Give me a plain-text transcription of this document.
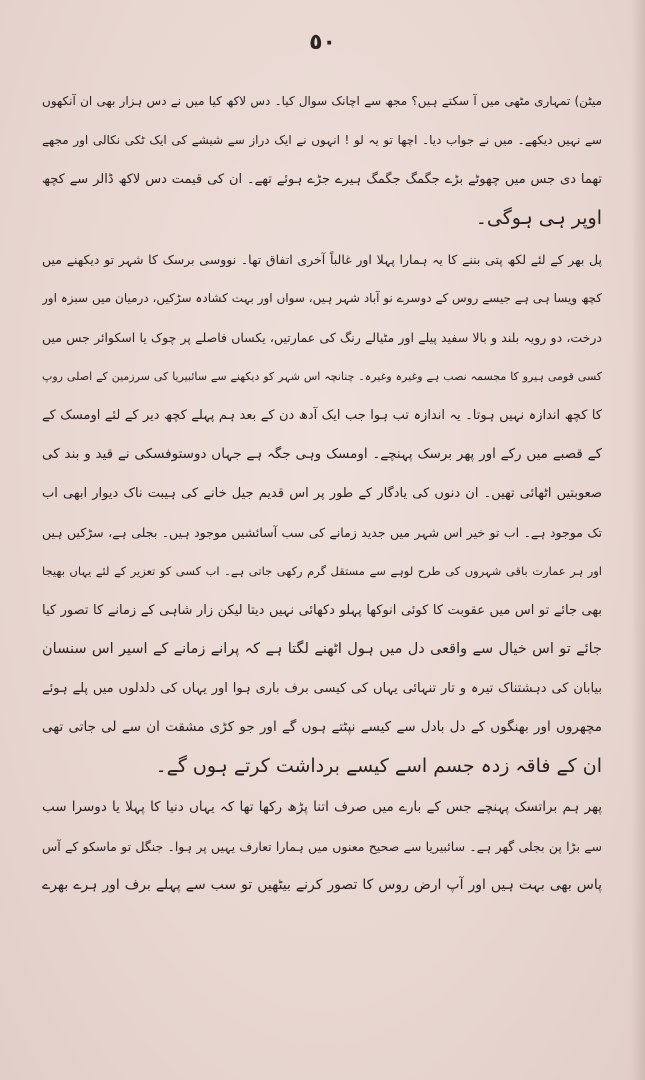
٥٠
میٹن) تمہاری مٹھی میں آ سکتے ہیں؟ مجھ سے اچانک سوال کیا۔ دس لاکھ کیا میں نے دس ہزار بھی ان آنکھوں
سے نہیں دیکھے۔ میں نے جواب دیا۔ اچھا تو یہ لو ! انہوں نے ایک دراز سے شیشے کی ایک ٹکی نکالی اور مجھے
تھما دی جس میں چھوٹے بڑے جگمگ جگمگ ہیرے جڑے ہوئے تھے۔ ان کی قیمت دس لاکھ ڈالر سے کچھ
اوپر ہی ہوگی۔
پل بھر کے لئے لکھ پتی بننے کا یہ ہمارا پہلا اور غالباً آخری اتفاق تھا۔ نووسی برسک کا شہر تو دیکھنے میں
کچھ ویسا ہی ہے جیسے روس کے دوسرے نو آباد شہر ہیں، سواں اور بہت کشادہ سڑکیں، درمیان میں سبزہ اور
درخت، دو رویہ بلند و بالا سفید پیلے اور مٹیالے رنگ کی عمارتیں، یکساں فاصلے پر چوک یا اسکوائر جس میں
کسی قومی ہیرو کا مجسمہ نصب ہے وغیرہ وغیرہ۔ چنانچہ اس شہر کو دیکھنے سے سائبیریا کی سرزمین کے اصلی روپ
کا کچھ اندازہ نہیں ہوتا۔ یہ اندازہ تب ہوا جب ایک آدھ دن کے بعد ہم پہلے کچھ دیر کے لئے اومسک کے
کے قصبے میں رکے اور پھر برسک پہنچے۔ اومسک وہی جگہ ہے جہاں دوستوفسکی نے قید و بند کی
صعوبتیں اٹھائی تھیں۔ ان دنوں کی یادگار کے طور پر اس قدیم جیل خانے کی ہیبت ناک دیوار ابھی اب
تک موجود ہے۔ اب تو خیر اس شہر میں جدید زمانے کی سب آسائشیں موجود ہیں۔ بجلی ہے، سڑکیں ہیں
اور ہر عمارت باقی شہروں کی طرح لوہے سے مستقل گرم رکھی جاتی ہے۔ اب کسی کو تعزیر کے لئے یہاں بھیجا
بھی جائے تو اس میں عقوبت کا کوئی انوکھا پہلو دکھائی نہیں دیتا لیکن زار شاہی کے زمانے کا تصور کیا
جائے تو اس خیال سے واقعی دل میں ہول اٹھنے لگتا ہے کہ پرانے زمانے کے اسیر اس سنسان
بیابان کی دہشتناک تیرہ و تار تنہائی یہاں کی کیسی برف باری ہوا اور یہاں کی دلدلوں میں پلے ہوئے
مچھروں اور بھنگوں کے دل بادل سے کیسے نپٹتے ہوں گے اور جو کڑی مشقت ان سے لی جاتی تھی
ان کے فاقہ زدہ جسم اسے کیسے برداشت کرتے ہوں گے۔
پھر ہم براتسک پہنچے جس کے بارے میں صرف اتنا پڑھ رکھا تھا کہ یہاں دنیا کا پہلا یا دوسرا سب
سے بڑا پن بجلی گھر ہے۔ سائبیریا سے صحیح معنوں میں ہمارا تعارف یہیں پر ہوا۔ جنگل تو ماسکو کے آس
پاس بھی بہت ہیں اور آپ ارض روس کا تصور کرنے بیٹھیں تو سب سے پہلے برف اور ہرے بھرے
